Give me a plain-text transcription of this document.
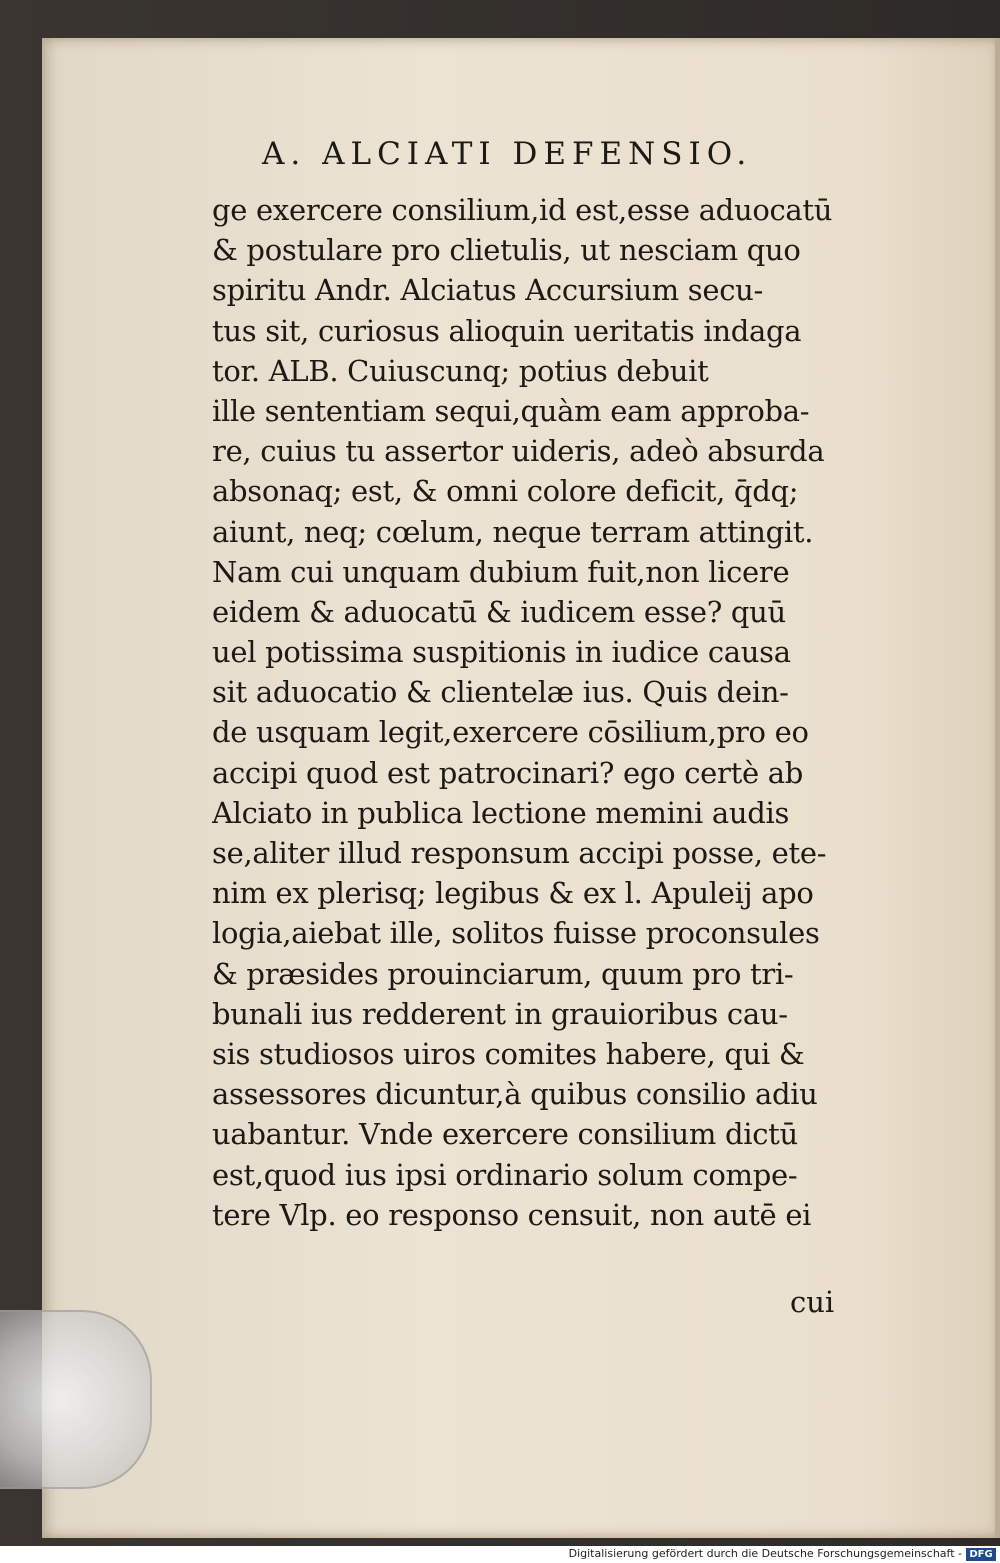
A. ALCIATI DEFENSIO.
ge exercere consilium,id est,esse aduocatū
& postulare pro clietulis, ut nesciam quo
spiritu Andr. Alciatus Accursium secu-
tus sit, curiosus alioquin ueritatis indaga
tor. ALB. Cuiuscunq; potius debuit
ille sententiam sequi,quàm eam approba-
re, cuius tu assertor uideris, adeò absurda
absonaq; est, & omni colore deficit, q̄dq;
aiunt, neq; cœlum, neque terram attingit.
Nam cui unquam dubium fuit,non licere
eidem & aduocatū & iudicem esse? quū
uel potissima suspitionis in iudice causa
sit aduocatio & clientelæ ius. Quis dein-
de usquam legit,exercere cōsilium,pro eo
accipi quod est patrocinari? ego certè ab
Alciato in publica lectione memini audis
se,aliter illud responsum accipi posse, ete-
nim ex plerisq; legibus & ex l. Apuleij apo
logia,aiebat ille, solitos fuisse proconsules
& præsides prouinciarum, quum pro tri-
bunali ius redderent in grauioribus cau-
sis studiosos uiros comites habere, qui &
assessores dicuntur,à quibus consilio adiu
uabantur. Vnde exercere consilium dictū
est,quod ius ipsi ordinario solum compe-
tere Vlp. eo responso censuit, non autē ei
cui
Digitalisierung gefördert durch die Deutsche Forschungsgemeinschaft - DFG
